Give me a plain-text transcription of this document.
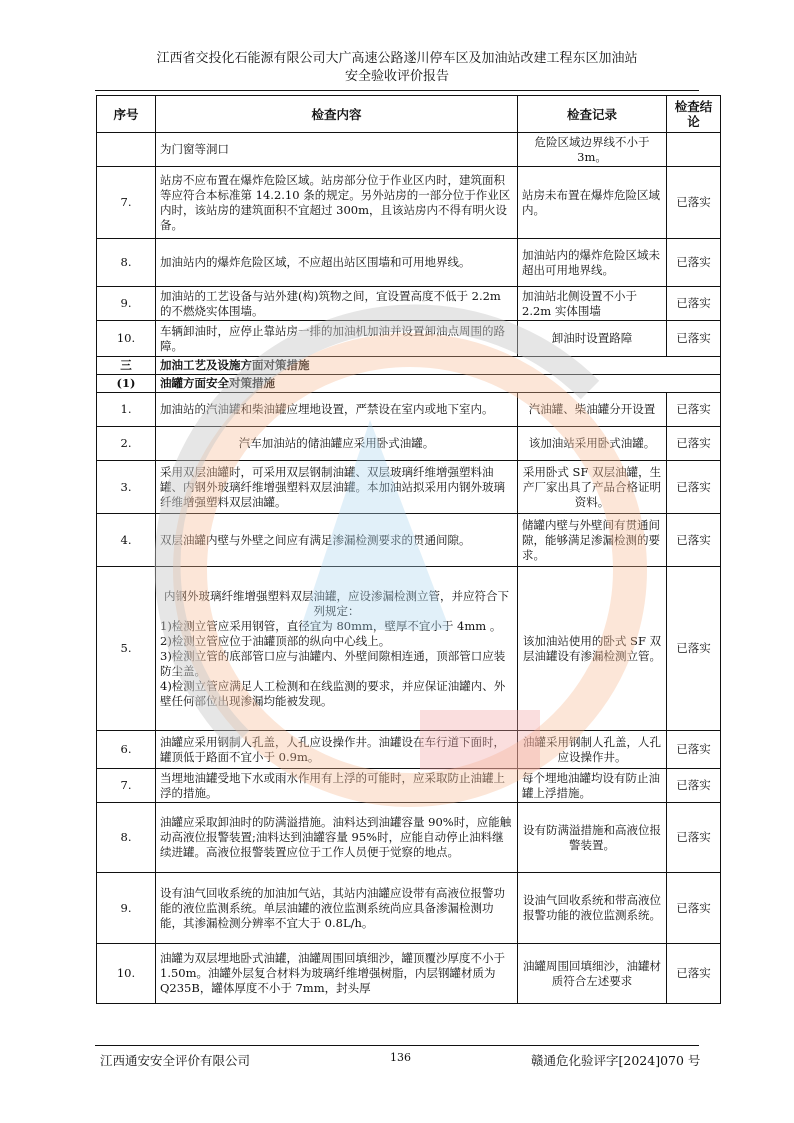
江西省交投化石能源有限公司大广高速公路遂川停车区及加油站改建工程东区加油站
安全验收评价报告
序号	检查内容	检查记录	检查结论
	为门窗等洞口	危险区域边界线不小于 3m。	
7.	站房不应布置在爆炸危险区域。站房部分位于作业区内时，建筑面积等应符合本标准第 14.2.10 条的规定。另外站房的一部分位于作业区内时，该站房的建筑面积不宜超过 300m，且该站房内不得有明火设备。	站房未布置在爆炸危险区域内。	已落实
8.	加油站内的爆炸危险区域，不应超出站区围墙和可用地界线。	加油站内的爆炸危险区域未超出可用地界线。	已落实
9.	加油站的工艺设备与站外建(构)筑物之间，宜设置高度不低于 2.2m 的不燃烧实体围墙。	加油站北侧设置不小于 2.2m 实体围墙	已落实
10.	车辆卸油时，应停止靠站房一排的加油机加油并设置卸油点周围的路障。	卸油时设置路障	已落实
三	加油工艺及设施方面对策措施		
(1)	油罐方面安全对策措施		
1.	加油站的汽油罐和柴油罐应埋地设置，严禁设在室内或地下室内。	汽油罐、柴油罐分开设置	已落实
2.	汽车加油站的储油罐应采用卧式油罐。	该加油站采用卧式油罐。	已落实
3.	采用双层油罐时，可采用双层钢制油罐、双层玻璃纤维增强塑料油罐、内钢外玻璃纤维增强塑料双层油罐。本加油站拟采用内钢外玻璃纤维增强塑料双层油罐。	采用卧式 SF 双层油罐，生产厂家出具了产品合格证明资料。	已落实
4.	双层油罐内壁与外壁之间应有满足渗漏检测要求的贯通间隙。	储罐内壁与外壁间有贯通间隙，能够满足渗漏检测的要求。	已落实
5.	内钢外玻璃纤维增强塑料双层油罐，应设渗漏检测立管，并应符合下列规定：
1)检测立管应采用钢管，直径宜为 80mm，壁厚不宜小于 4mm 。
2)检测立管应位于油罐顶部的纵向中心线上。
3)检测立管的底部管口应与油罐内、外壁间隙相连通，顶部管口应装防尘盖。
4)检测立管应满足人工检测和在线监测的要求，并应保证油罐内、外壁任何部位出现渗漏均能被发现。	该加油站使用的卧式 SF 双层油罐设有渗漏检测立管。	已落实
6.	油罐应采用钢制人孔盖，人孔应设操作井。油罐设在车行道下面时，罐顶低于路面不宜小于 0.9m。	油罐采用钢制人孔盖，人孔应设操作井。	已落实
7.	当埋地油罐受地下水或雨水作用有上浮的可能时，应采取防止油罐上浮的措施。	每个埋地油罐均设有防止油罐上浮措施。	已落实
8.	油罐应采取卸油时的防满溢措施。油料达到油罐容量 90%时，应能触动高液位报警装置;油料达到油罐容量 95%时，应能自动停止油料继续进罐。高液位报警装置应位于工作人员便于觉察的地点。	设有防满溢措施和高液位报警装置。	已落实
9.	设有油气回收系统的加油加气站，其站内油罐应设带有高液位报警功能的液位监测系统。单层油罐的液位监测系统尚应具备渗漏检测功能，其渗漏检测分辨率不宜大于 0.8L/h。	设油气回收系统和带高液位报警功能的液位监测系统。	已落实
10.	油罐为双层埋地卧式油罐，油罐周围回填细沙，罐顶覆沙厚度不小于 1.50m。油罐外层复合材料为玻璃纤维增强树脂，内层钢罐材质为 Q235B，罐体厚度不小于 7mm，封头厚	油罐周围回填细沙，油罐材质符合左述要求	已落实
江西通安安全评价有限公司	136	赣通危化验评字[2024]070 号
